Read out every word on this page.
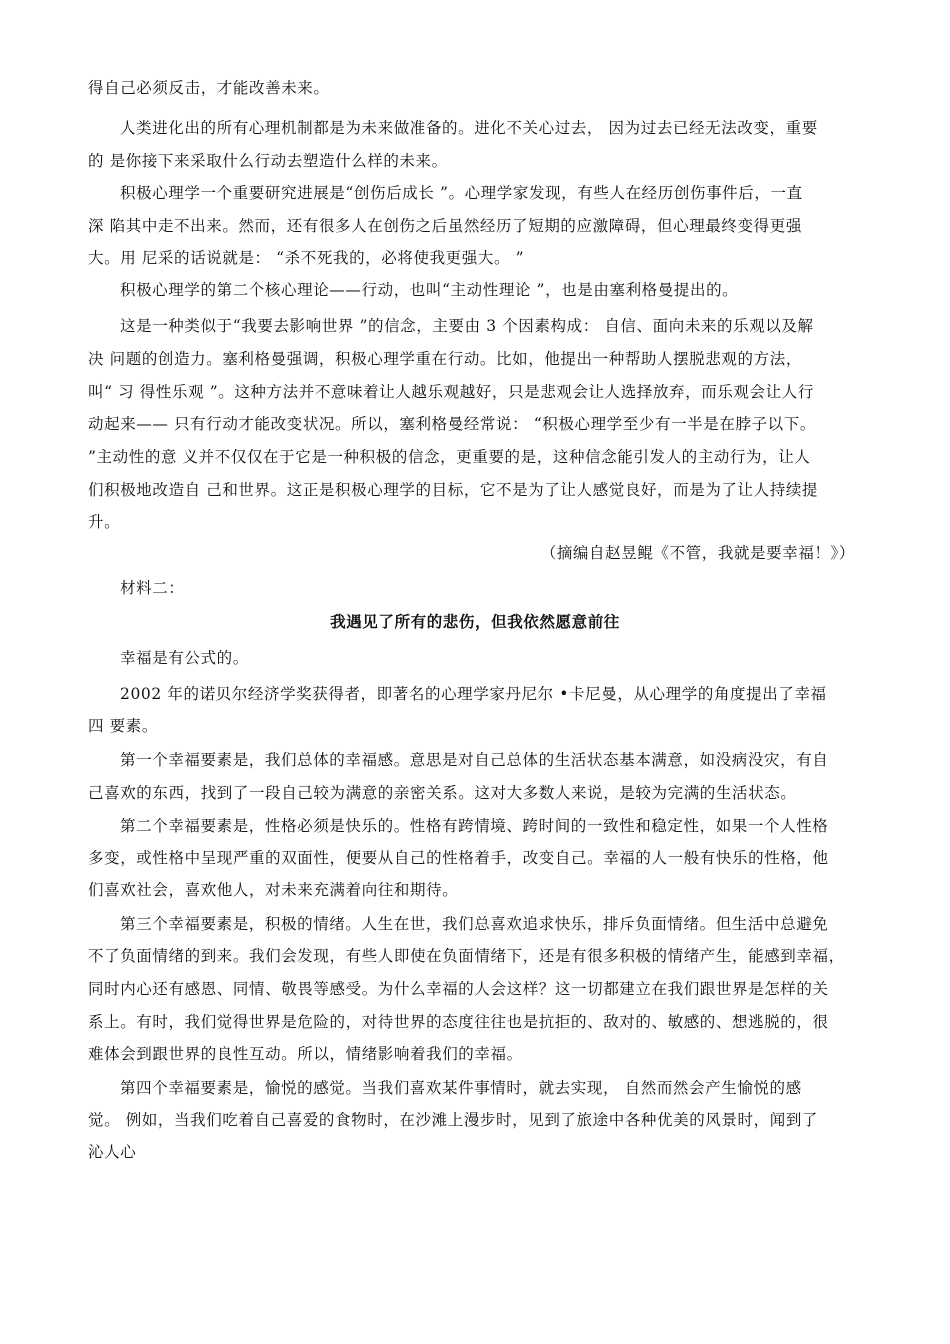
得自己必须反击，才能改善未来。
人类进化出的所有心理机制都是为未来做准备的。进化不关心过去， 因为过去已经无法改变，重要
的 是你接下来采取什么行动去塑造什么样的未来。
积极心理学一个重要研究进展是“创伤后成长 ”。心理学家发现，有些人在经历创伤事件后，一直
深 陷其中走不出来。然而，还有很多人在创伤之后虽然经历了短期的应激障碍，但心理最终变得更强
大。用 尼采的话说就是： “杀不死我的，必将使我更强大。 ”
积极心理学的第二个核心理论——行动，也叫“主动性理论 ”，也是由塞利格曼提出的。
这是一种类似于“我要去影响世界 ”的信念，主要由 3 个因素构成： 自信、面向未来的乐观以及解
决 问题的创造力。塞利格曼强调，积极心理学重在行动。比如，他提出一种帮助人摆脱悲观的方法，
叫“ 习 得性乐观 ”。这种方法并不意味着让人越乐观越好，只是悲观会让人选择放弃，而乐观会让人行
动起来—— 只有行动才能改变状况。所以，塞利格曼经常说： “积极心理学至少有一半是在脖子以下。
”主动性的意 义并不仅仅在于它是一种积极的信念，更重要的是，这种信念能引发人的主动行为，让人
们积极地改造自 己和世界。这正是积极心理学的目标，它不是为了让人感觉良好，而是为了让人持续提
升。
（摘编自赵昱鲲《不管，我就是要幸福！》）
材料二：
我遇见了所有的悲伤，但我依然愿意前往
幸福是有公式的。
2002 年的诺贝尔经济学奖获得者，即著名的心理学家丹尼尔 •卡尼曼，从心理学的角度提出了幸福
四 要素。
第一个幸福要素是，我们总体的幸福感。意思是对自己总体的生活状态基本满意，如没病没灾，有自
己喜欢的东西，找到了一段自己较为满意的亲密关系。这对大多数人来说，是较为完满的生活状态。
第二个幸福要素是，性格必须是快乐的。性格有跨情境、跨时间的一致性和稳定性，如果一个人性格
多变，或性格中呈现严重的双面性，便要从自己的性格着手，改变自己。幸福的人一般有快乐的性格，他
们喜欢社会，喜欢他人，对未来充满着向往和期待。
第三个幸福要素是，积极的情绪。人生在世，我们总喜欢追求快乐，排斥负面情绪。但生活中总避免
不了负面情绪的到来。我们会发现，有些人即使在负面情绪下，还是有很多积极的情绪产生，能感到幸福，
同时内心还有感恩、同情、敬畏等感受。为什么幸福的人会这样？这一切都建立在我们跟世界是怎样的关
系上。有时，我们觉得世界是危险的，对待世界的态度往往也是抗拒的、敌对的、敏感的、想逃脱的，很
难体会到跟世界的良性互动。所以，情绪影响着我们的幸福。
第四个幸福要素是，愉悦的感觉。当我们喜欢某件事情时，就去实现， 自然而然会产生愉悦的感
觉。 例如，当我们吃着自己喜爱的食物时，在沙滩上漫步时，见到了旅途中各种优美的风景时，闻到了
沁人心
